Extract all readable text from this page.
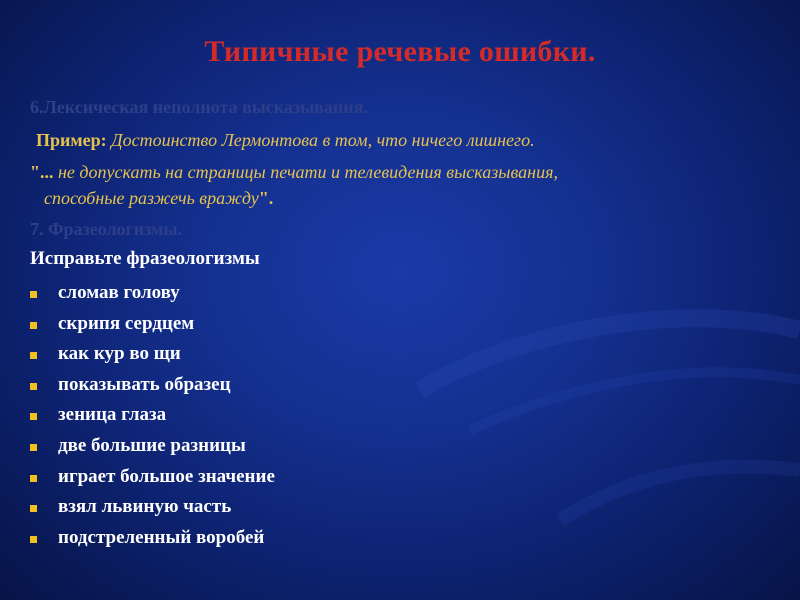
Типичные речевые ошибки.
6.Лексическая неполнота высказывания.
Пример: Достоинство Лермонтова в том, что ничего лишнего.
"... не допускать на страницы печати и телевидения высказывания,
способные разжечь вражду".
7. Фразеологизмы.
Исправьте фразеологизмы
сломав голову
скрипя сердцем
как кур во щи
показывать образец
зеница глаза
две большие разницы
играет большое значение
взял львиную часть
подстреленный воробей
